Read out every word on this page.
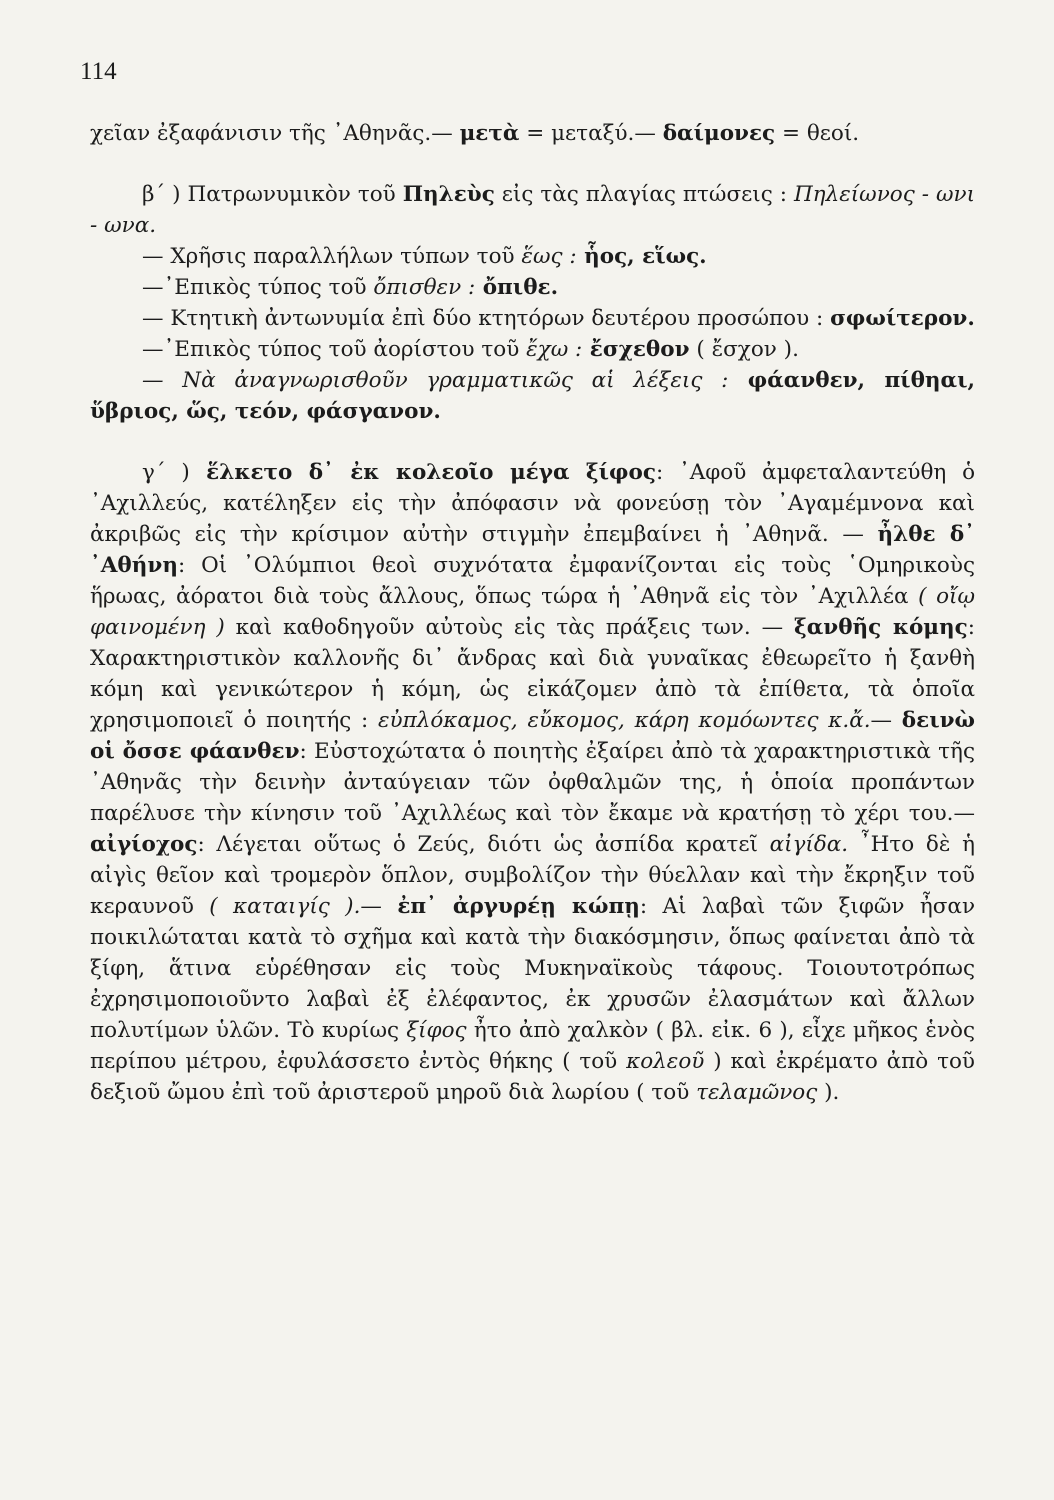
114

χεῖαν ἐξαφάνισιν τῆς ᾿Αθηνᾶς.— μετὰ = μεταξύ.— δαίμονες = θεοί.

β΄ ) Πατρωνυμικὸν τοῦ Πηλεὺς εἰς τὰς πλαγίας πτώσεις : Πηλείωνος - ωνι - ωνα.

— Χρῆσις παραλλήλων τύπων τοῦ ἕως : ἧος, εἵως.

—᾿Επικὸς τύπος τοῦ ὄπισθεν : ὄπιθε.

— Κτητικὴ ἀντωνυμία ἐπὶ δύο κτητόρων δευτέρου προσώπου : σφωίτερον.

—᾿Επικὸς τύπος τοῦ ἀορίστου τοῦ ἔχω : ἔσχεθον ( ἔσχον ).

— Νὰ ἀναγνωρισθοῦν γραμματικῶς αἱ λέξεις : φάανθεν, πίθηαι, ὕβριος, ὥς, τεόν, φάσγανον.

γ΄ ) ἕλκετο δ᾿ ἐκ κολεοῖο μέγα ξίφος: ᾿Αφοῦ ἀμφεταλαντεύθη ὁ ᾿Αχιλλεύς, κατέληξεν εἰς τὴν ἀπόφασιν νὰ φονεύσῃ τὸν ᾿Αγαμέμνονα καὶ ἀκριβῶς εἰς τὴν κρίσιμον αὐτὴν στιγμὴν ἐπεμβαίνει ἡ ᾿Αθηνᾶ. — ἦλθε δ᾿ ᾿Αθήνη: Οἱ ᾿Ολύμπιοι θεοὶ συχνότατα ἐμφανίζονται εἰς τοὺς ῾Ομηρικοὺς ἥρωας, ἀόρατοι διὰ τοὺς ἄλλους, ὅπως τώρα ἡ ᾿Αθηνᾶ εἰς τὸν ᾿Αχιλλέα ( οἴῳ φαινομένη ) καὶ καθοδηγοῦν αὐτοὺς εἰς τὰς πράξεις των. — ξανθῆς κόμης: Χαρακτηριστικὸν καλλονῆς δι᾿ ἄνδρας καὶ διὰ γυναῖκας ἐθεωρεῖτο ἡ ξανθὴ κόμη καὶ γενικώτερον ἡ κόμη, ὡς εἰκάζομεν ἀπὸ τὰ ἐπίθετα, τὰ ὁποῖα χρησιμοποιεῖ ὁ ποιητής : εὐπλόκαμος, εὔκομος, κάρη κομόωντες κ.ἄ.— δεινὼ οἱ ὄσσε φάανθεν: Εὐστοχώτατα ὁ ποιητὴς ἐξαίρει ἀπὸ τὰ χαρακτηριστικὰ τῆς ᾿Αθηνᾶς τὴν δεινὴν ἀνταύγειαν τῶν ὀφθαλμῶν της, ἡ ὁποία προπάντων παρέλυσε τὴν κίνησιν τοῦ ᾿Αχιλλέως καὶ τὸν ἔκαμε νὰ κρατήσῃ τὸ χέρι του.— αἰγίοχος: Λέγεται οὕτως ὁ Ζεύς, διότι ὡς ἀσπίδα κρατεῖ αἰγίδα. ῏Ητο δὲ ἡ αἰγὶς θεῖον καὶ τρομερὸν ὅπλον, συμβολίζον τὴν θύελλαν καὶ τὴν ἔκρηξιν τοῦ κεραυνοῦ ( καταιγίς ).— ἐπ᾿ ἀργυρέῃ κώπῃ: Αἱ λαβαὶ τῶν ξιφῶν ἦσαν ποικιλώταται κατὰ τὸ σχῆμα καὶ κατὰ τὴν διακόσμησιν, ὅπως φαίνεται ἀπὸ τὰ ξίφη, ἅτινα εὑρέθησαν εἰς τοὺς Μυκηναϊκοὺς τάφους. Τοιουτοτρόπως ἐχρησιμοποιοῦντο λαβαὶ ἐξ ἐλέφαντος, ἐκ χρυσῶν ἐλασμάτων καὶ ἄλλων πολυτίμων ὑλῶν. Τὸ κυρίως ξίφος ἦτο ἀπὸ χαλκὸν ( βλ. εἰκ. 6 ), εἶχε μῆκος ἑνὸς περίπου μέτρου, ἐφυλάσσετο ἐντὸς θήκης ( τοῦ κολεοῦ ) καὶ ἐκρέματο ἀπὸ τοῦ δεξιοῦ ὤμου ἐπὶ τοῦ ἀριστεροῦ μηροῦ διὰ λωρίου ( τοῦ τελαμῶνος ).
